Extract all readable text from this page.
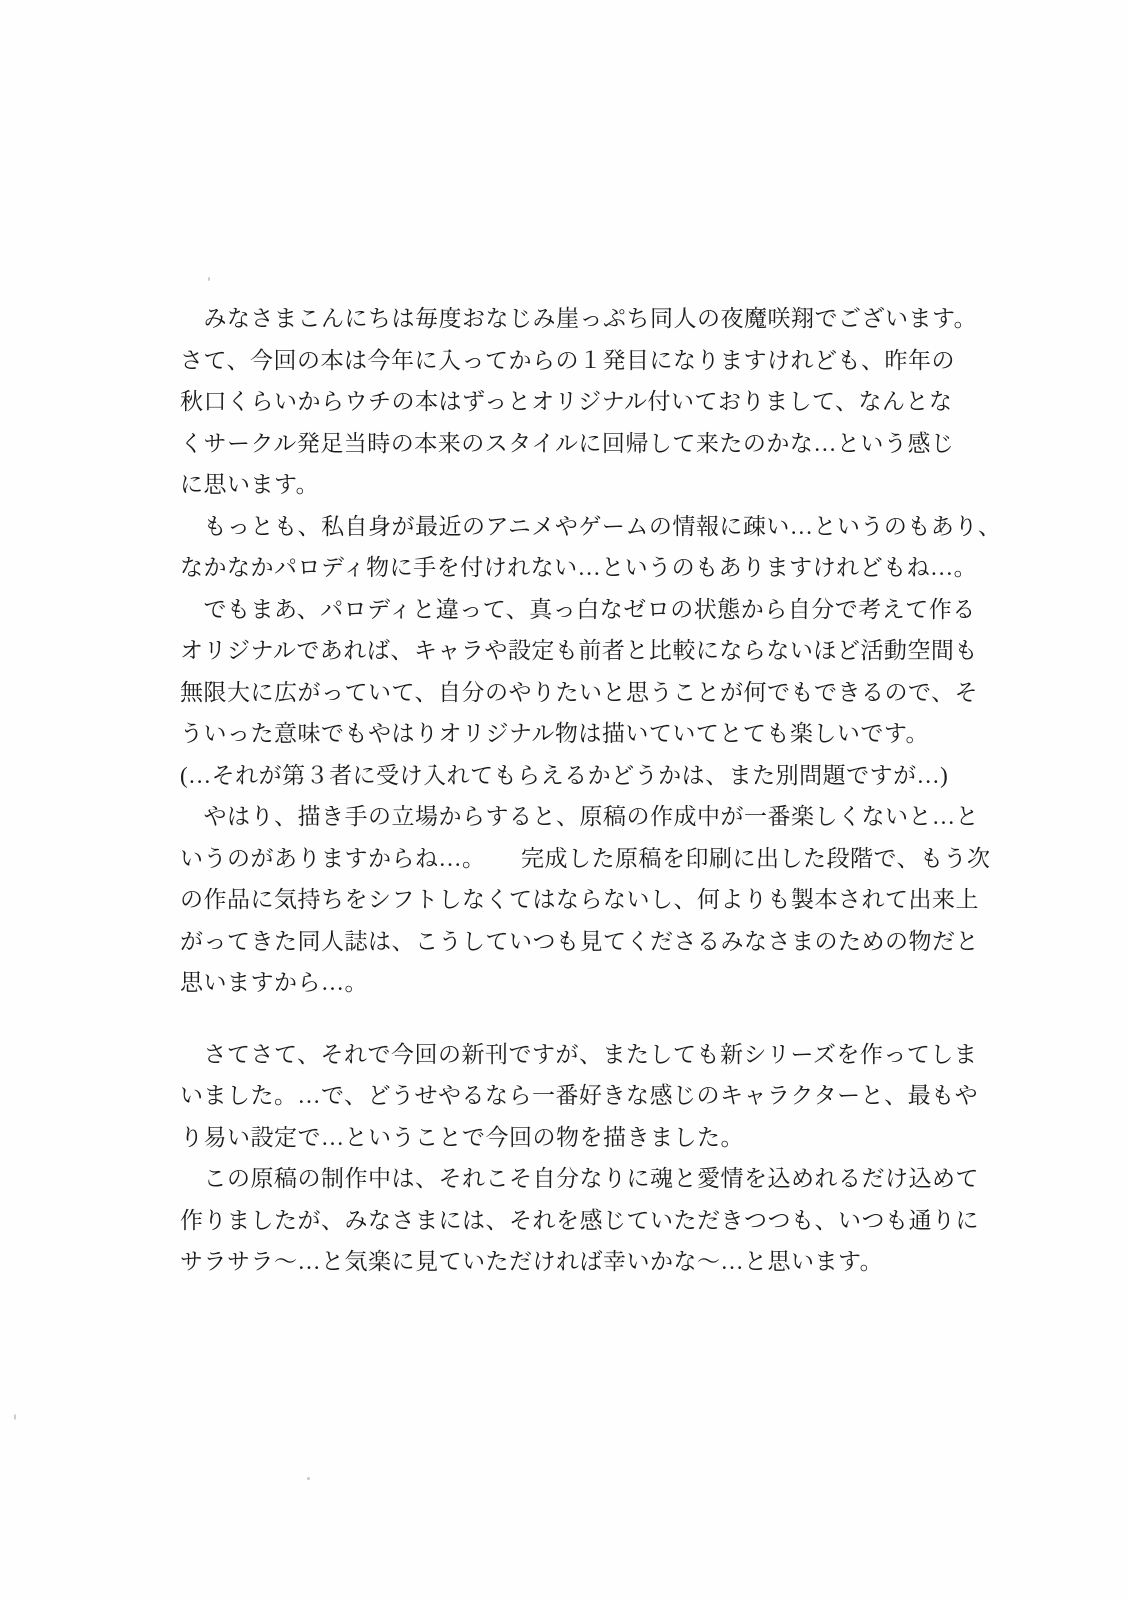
　みなさまこんにちは毎度おなじみ崖っぷち同人の夜魔咲翔でございます。
さて、今回の本は今年に入ってからの１発目になりますけれども、昨年の
秋口くらいからウチの本はずっとオリジナル付いておりまして、なんとな
くサークル発足当時の本来のスタイルに回帰して来たのかな…という感じ
に思います。
　もっとも、私自身が最近のアニメやゲームの情報に疎い…というのもあり、
なかなかパロディ物に手を付けれない…というのもありますけれどもね…。
　でもまあ、パロディと違って、真っ白なゼロの状態から自分で考えて作る
オリジナルであれば、キャラや設定も前者と比較にならないほど活動空間も
無限大に広がっていて、自分のやりたいと思うことが何でもできるので、そ
ういった意味でもやはりオリジナル物は描いていてとても楽しいです。
(…それが第３者に受け入れてもらえるかどうかは、また別問題ですが…)
　やはり、描き手の立場からすると、原稿の作成中が一番楽しくないと…と
いうのがありますからね…。　　完成した原稿を印刷に出した段階で、もう次
の作品に気持ちをシフトしなくてはならないし、何よりも製本されて出来上
がってきた同人誌は、こうしていつも見てくださるみなさまのための物だと
思いますから…。
　さてさて、それで今回の新刊ですが、またしても新シリーズを作ってしま
いました。…で、どうせやるなら一番好きな感じのキャラクターと、最もや
り易い設定で…ということで今回の物を描きました。
　この原稿の制作中は、それこそ自分なりに魂と愛情を込めれるだけ込めて
作りましたが、みなさまには、それを感じていただきつつも、いつも通りに
サラサラ～…と気楽に見ていただければ幸いかな～…と思います。
